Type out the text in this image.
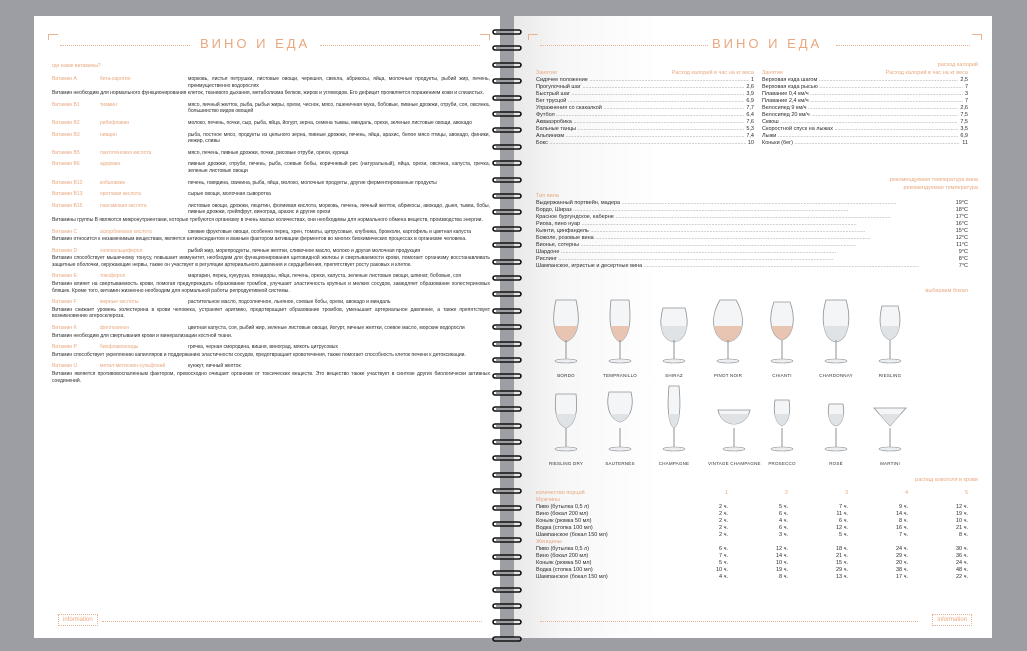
ВИНО И ЕДА
где какие витамины?
Витамин А	бета-каротин	морковь, листья петрушки, листовые овощи, черешня, свекла, абрикосы, яйца, молочные продукты, рыбий жир, печень, преимущественно водорослях
Витамин необходим для нормального функционирования клеток, тканевого дыхания, метаболизма белков, жиров и углеводов. Его дефицит проявляется поражением кожи и слизистых.
Витамин B1	тиамин	мясо, яичный желток, рыба, рыбьи жиры, орехи, чеснок, мясо, пшеничная мука, бобовые, пивные дрожжи, отруби, соя, овсянка, большинство видов овощей
Витамин B2	рибофлавин	молоко, печень, почки, сыр, рыба, яйца, йогурт, зерна, семена тыквы, миндаль, орехи, зеленые листовые овощи, авокадо
Витамин B3	ниацин	рыба, постное мясо, продукты из цельного зерна, пивные дрожжи, печень, яйца, арахис, белое мясо птицы, авокадо, финики, инжир, сливы
Витамин B5	пантотеновая кислота	мясо, печень, пивные дрожжи, почки, рисовые отруби, орехи, курица
Витамин B6	адермин	пивные дрожжи, отруби, печень, рыба, соевые бобы, коричневый рис (натуральный), яйца, орехи, овсянка, капуста, гречка, зеленые листовые овощи
Витамин B12	кобаламин	печень, говядина, свинина, рыба, яйца, молоко, молочные продукты, другие ферментированные продукты
Витамин B13	оротовая кислота	сырые овощи, молочная сыворотка
Витамин B15	пангамовая кислота	листовые овощи, дрожжи, лецитин, фолиевая кислота, морковь, печень, яичный желток, абрикосы, авокадо, дыня, тыква, бобы, пивные дрожжи, грейпфрут, виноград, арахис и другие орехи
Витамины группы В являются микронутриентами, которые требуются организму в очень малых количествах, они необходимы для нормального обмена веществ, производства энергии.
Витамин C	аскорбиновая кислота	свежие фруктовые овощи, особенно перец, хрен, томаты, цитрусовые, клубника, брокколи, картофель и цветная капуста
Витамин относится к незаменимым веществам, является антиоксидантом и важным фактором активации ферментов во многих биохимических процессах в организме человека.
Витамин D	холекальциферол	рыбий жир, морепродукты, яичные желтки, сливочное масло, молоко и другая молочная продукция
Витамин способствует мышечному тонусу, повышает иммунитет, необходим для функционирования щитовидной железы и свертываемости крови, помогает организму восстанавливать защитные оболочки, окружающие нервы, также он участвует в регуляции артериального давления и сердцебиения, препятствует росту раковых и клеток.
Витамин E	токоферол	маргарин, перец, кукуруза, помидоры, яйца, печень, орехи, капуста, зеленые листовые овощи, шпинат, бобовые, соя
Витамин влияет на свертываемость крови, помогая предупреждать образование тромбов, улучшает эластичность крупных и мелких сосудов, замедляет образование холестериновых бляшек. Кроме того, витамин жизненно необходим для нормальной работы репродуктивной системы.
Витамин F	жирные кислоты	растительное масло, подсолнечное, льняное, соевые бобы, орехи, авокадо и миндаль
Витамин снижает уровень холестерина в крови человека, устраняет аритмию, предотвращает образование тромбов, уменьшает артериальное давление, а также препятствует возникновению атеросклероза.
Витамин K	филлохинон	цветная капуста, соя, рыбий жир, зеленые листовые овощи, йогурт, яичные желтки, соевое масло, морские водоросли
Витамин необходим для свертывания крови и минерализации костной ткани.
Витамин P	биофлавоноиды	гречка, черная смородина, вишня, виноград, мякоть цитрусовых
Витамин способствует укреплению капилляров и поддержанию эластичности сосудов, предотвращает кровотечения, также помогает способность клеток печени к детоксикации.
Витамин U	метил-метионин-сульфоний	кунжут, яичный желток
Витамин является противовоспаленным фактором, превосходно очищает организм от токсических веществ. Это вещество также участвует в синтезе других биологически активных соединений.
information
ВИНО И ЕДА
расход калорий
Занятие	Расход калорий в час на кг веса
Сидячее положение .....	1
Прогулочный шаг .....	2,6
Быстрый шаг .....	3,9
Бег трусцой .....	6,9
Упражнения со скакалкой .....	7,7
Футбол .....	6,4
Аквааэробика .....	7,6
Бальные танцы .....	5,3
Альпинизм .....	7,4
Бокс .....	10
Занятие	Расход калорий в час на кг веса
Верховая езда шагом .....	2,5
Верховая езда рысью .....	7
Плавание 0,4 км/ч .....	3
Плавание 2,4 км/ч .....	7
Велосипед 9 км/ч .....	2,6
Велосипед 20 км/ч .....	7,5
Сквош .....	7,5
Скоростной спуск на лыжах .....	3,5
Лыжи .....	6,9
Коньки (бег) .....	11
рекомендуемая температура вина
рекомендуемая температура
Тип вина
Выдержанный портвейн, мадера .....	19°C
Бордо, Шираз .....	18°C
Красное бургундское, каберне .....	17°C
Риоха, пино нуар .....	16°C
Кьянти, цинфандель .....	15°C
Божоле, розовые вина .....	12°C
Вионье, сотерны .....	11°C
Шардоне .....	9°C
Рислинг .....	8°C
Шампанское, игристые и десертные вина .....	7°C
выбираем бокал
распад алкоголя в крови
количество порций	1	2	3	4	5
Мужчины					
Пиво (бутылка 0,5 л)	2 ч.	5 ч.	7 ч.	9 ч.	12 ч.
Вино (бокал 200 мл)	2 ч.	6 ч.	11 ч.	14 ч.	19 ч.
Коньяк (рюмка 50 мл)	2 ч.	4 ч.	6 ч.	8 ч.	10 ч.
Водка (стопка 100 мл)	2 ч.	6 ч.	12 ч.	16 ч.	21 ч.
Шампанское (бокал 150 мл)	2 ч.	3 ч.	5 ч.	7 ч.	8 ч.
Женщины					
Пиво (бутылка 0,5 л)	6 ч.	12 ч.	18 ч.	24 ч.	30 ч.
Вино (бокал 200 мл)	7 ч.	14 ч.	21 ч.	29 ч.	36 ч.
Коньяк (рюмка 50 мл)	5 ч.	10 ч.	15 ч.	20 ч.	24 ч.
Водка (стопка 100 мл)	10 ч.	19 ч.	29 ч.	38 ч.	48 ч.
Шампанское (бокал 150 мл)	4 ч.	8 ч.	13 ч.	17 ч.	22 ч.
information
BORDO	TEMPRANILLO	SHIRAZ	PINOT NOIR	CHIANTI	CHARDONNAY	RIESLING
RIESLING DRY	SAUTERNES	CHAMPAGNE	VINTAGE CHAMPAGNE	PROSECCO	ROSÉ	MARTINI
